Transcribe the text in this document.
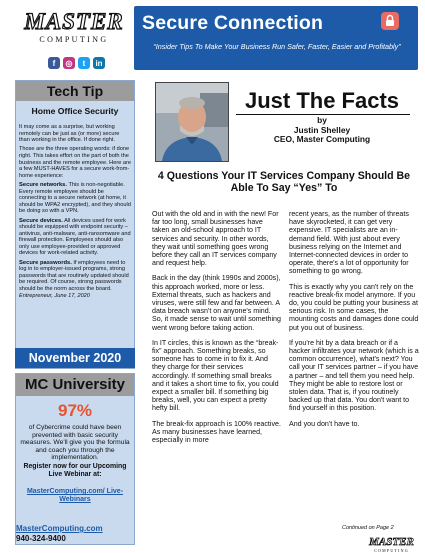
MASTER
COMPUTING
f	◎	t	in
Secure Connection
“Insider Tips To Make Your Business Run Safer, Faster, Easier and Profitably”
Tech Tip
Home Office Security

It may come as a surprise, but working remotely can be just as (or more) secure than working in the office. If done right.

Those are the three operating words: if done right. This takes effort on the part of both the business and the remote employee. Here are a few MUST-HAVES for a secure work-from-home experience:

Secure networks. This is non-negotiable. Every remote employee should be connecting to a secure network (at home, it should be WPA2 encrypted), and they should be doing so with a VPN.

Secure devices. All devices used for work should be equipped with endpoint security – antivirus, anti-malware, anti-ransomware and firewall protection. Employees should also only use employee-provided or approved devices for work-related activity.

Secure passwords. If employees need to log in to employer-issued programs, strong passwords that are routinely updated should be required. Of course, strong passwords should be the norm across the board. Entrepreneur, June 17, 2020

November 2020
MC University
97%
of Cybercrime could have been prevented with basic security measures. We'll give you the formula and coach you through the implementation.
Register now for our Upcoming Live Webinar at:
MasterComputing.com/ Live-Webinars
MasterComputing.com
940-324-9400
Just The Facts
by
Justin Shelley
CEO, Master Computing
4 Questions Your IT Services Company Should Be Able To Say “Yes” To

Out with the old and in with the new! For far too long, small businesses have taken an old-school approach to IT services and security. In other words, they wait until something goes wrong before they call an IT services company and request help.

Back in the day (think 1990s and 2000s), this approach worked, more or less. External threats, such as hackers and viruses, were still few and far between. A data breach wasn't on anyone's mind. So, it made sense to wait until something went wrong before taking action.

In IT circles, this is known as the “break-fix” approach. Something breaks, so someone has to come in to fix it. And they charge for their services accordingly. If something small breaks and it takes a short time to fix, you could expect a smaller bill. If something big breaks, well, you can expect a pretty hefty bill.

The break-fix approach is 100% reactive. As many businesses have learned, especially in more

recent years, as the number of threats have skyrocketed, it can get very expensive. IT specialists are an in-demand field. With just about every business relying on the Internet and Internet-connected devices in order to operate, there's a lot of opportunity for something to go wrong.

This is exactly why you can't rely on the reactive break-fix model anymore. If you do, you could be putting your business at serious risk. In some cases, the mounting costs and damages done could put you out of business.

If you're hit by a data breach or if a hacker infiltrates your network (which is a common occurrence), what's next? You call your IT services partner – if you have a partner – and tell them you need help. They might be able to restore lost or stolen data. That is, if you routinely backed up that data. You don't want to find yourself in this position.

And you don't have to.

Continued on Page 2
MASTER
COMPUTING
